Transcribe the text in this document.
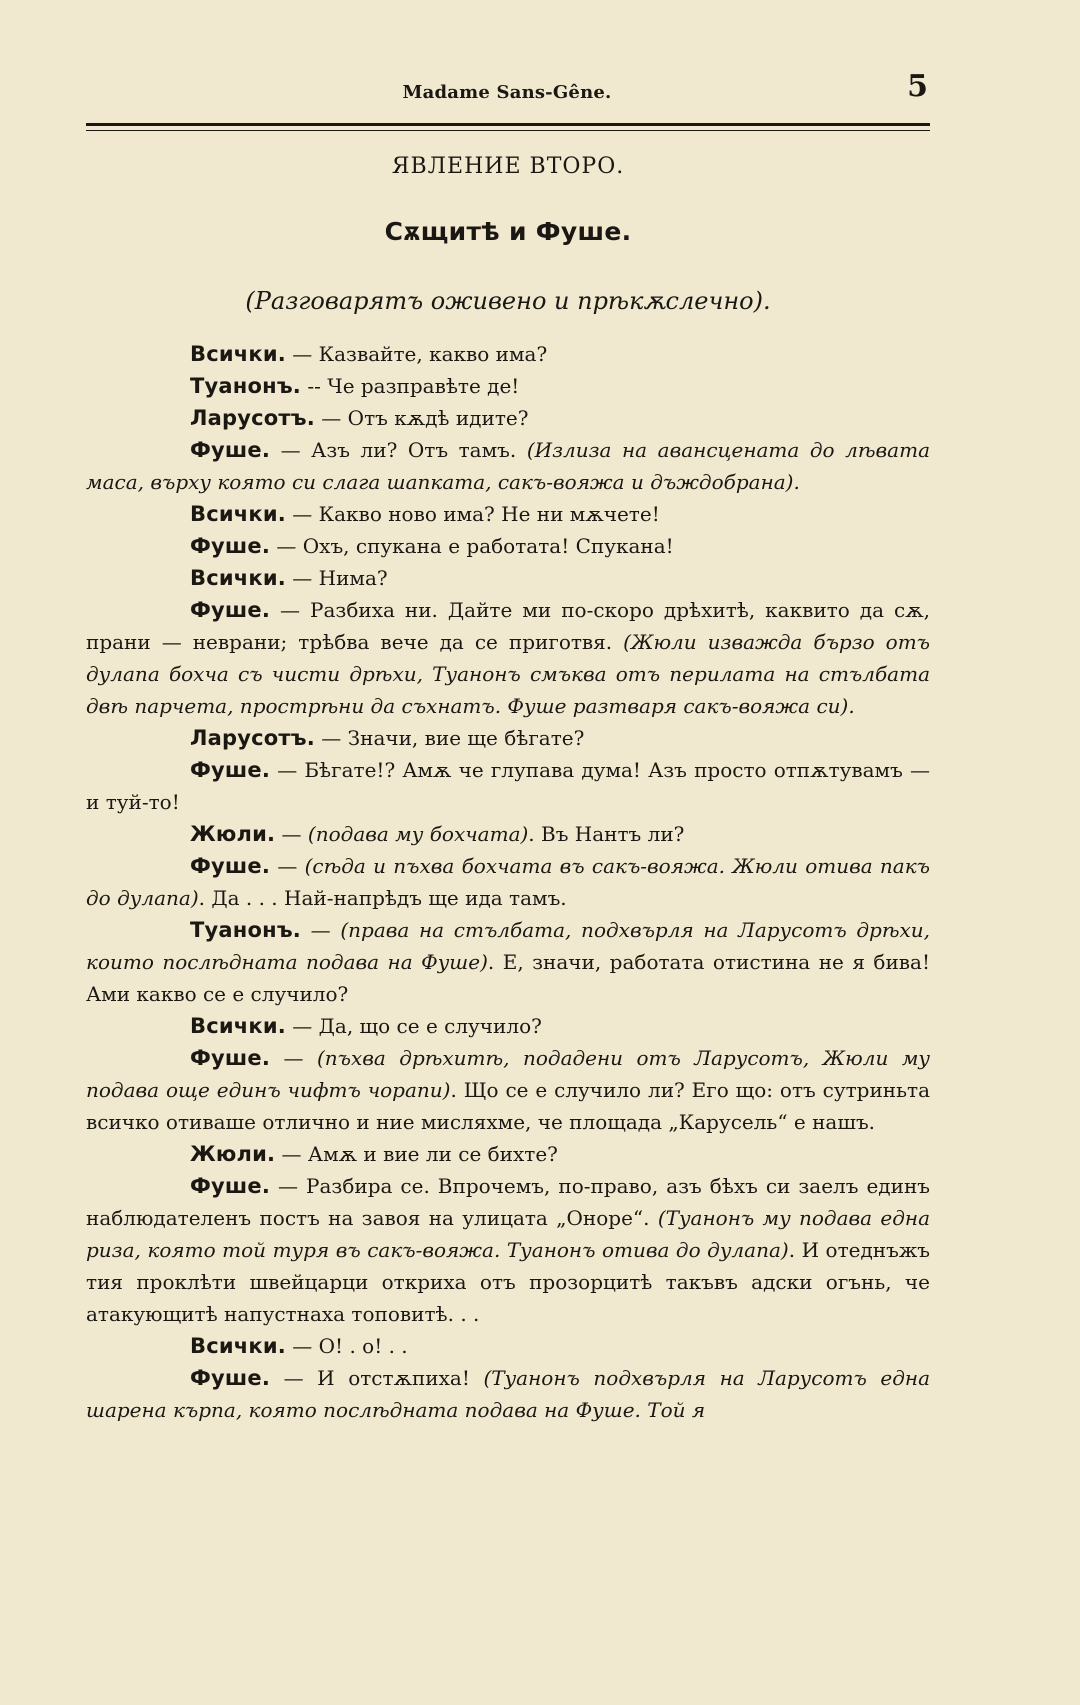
Madame Sans-Gêne.	5
ЯВЛЕНИЕ ВТОРО.
Сѫщитѣ и Фуше.
(Разговарятъ оживено и прѣкѫслечно).

Всички. — Казвайте, какво има?

Туанонъ. -- Че разправѣте де!

Ларусотъ. — Отъ кѫдѣ идите?

Фуше. — Азъ ли? Отъ тамъ. (Излиза на авансцената до лѣвата маса, върху която си слага шапката, сакъ-вояжа и дъждобрана).

Всички. — Какво ново има? Не ни мѫчете!

Фуше. — Охъ, спукана е работата! Спукана!

Всички. — Нима?

Фуше. — Разбиха ни. Дайте ми по-скоро дрѣхитѣ, каквито да сѫ, прани — неврани; трѣбва вече да се приготвя. (Жюли изважда бързо отъ дулапа бохча съ чисти дрѣхи, Туанонъ смъква отъ перилата на стълбата двѣ парчета, прострѣни да съхнатъ. Фуше разтваря сакъ-вояжа си).

Ларусотъ. — Значи, вие ще бѣгате?

Фуше. — Бѣгате!? Амѫ че глупава дума! Азъ просто отпѫтувамъ — и туй-то!

Жюли. — (подава му бохчата). Въ Нантъ ли?

Фуше. — (сѣда и пъхва бохчата въ сакъ-вояжа. Жюли отива пакъ до дулапа). Да . . . Най-напрѣдъ ще ида тамъ.

Туанонъ. — (права на стълбата, подхвърля на Ларусотъ дрѣхи, които послѣдната подава на Фуше). Е, значи, работата отистина не я бива! Ами какво се е случило?

Всички. — Да, що се е случило?

Фуше. — (пъхва дрѣхитѣ, подадени отъ Ларусотъ, Жюли му подава още единъ чифтъ чорапи). Що се е случило ли? Его що: отъ сутриньта всичко отиваше отлично и ние мисляхме, че площада „Карусель“ е нашъ.

Жюли. — Амѫ и вие ли се бихте?

Фуше. — Разбира се. Впрочемъ, по-право, азъ бѣхъ си заелъ единъ наблюдателенъ постъ на завоя на улицата „Оноре“. (Туанонъ му подава една риза, която той туря въ сакъ-вояжа. Туанонъ отива до дулапа). И отеднъжъ тия проклѣти швейцарци откриха отъ прозорцитѣ такъвъ адски огънь, че атакующитѣ напустнаха топовитѣ. . .

Всички. — О! . о! . .

Фуше. — И отстѫпиха! (Туанонъ подхвърля на Ларусотъ една шарена кърпа, която послѣдната подава на Фуше. Той я
